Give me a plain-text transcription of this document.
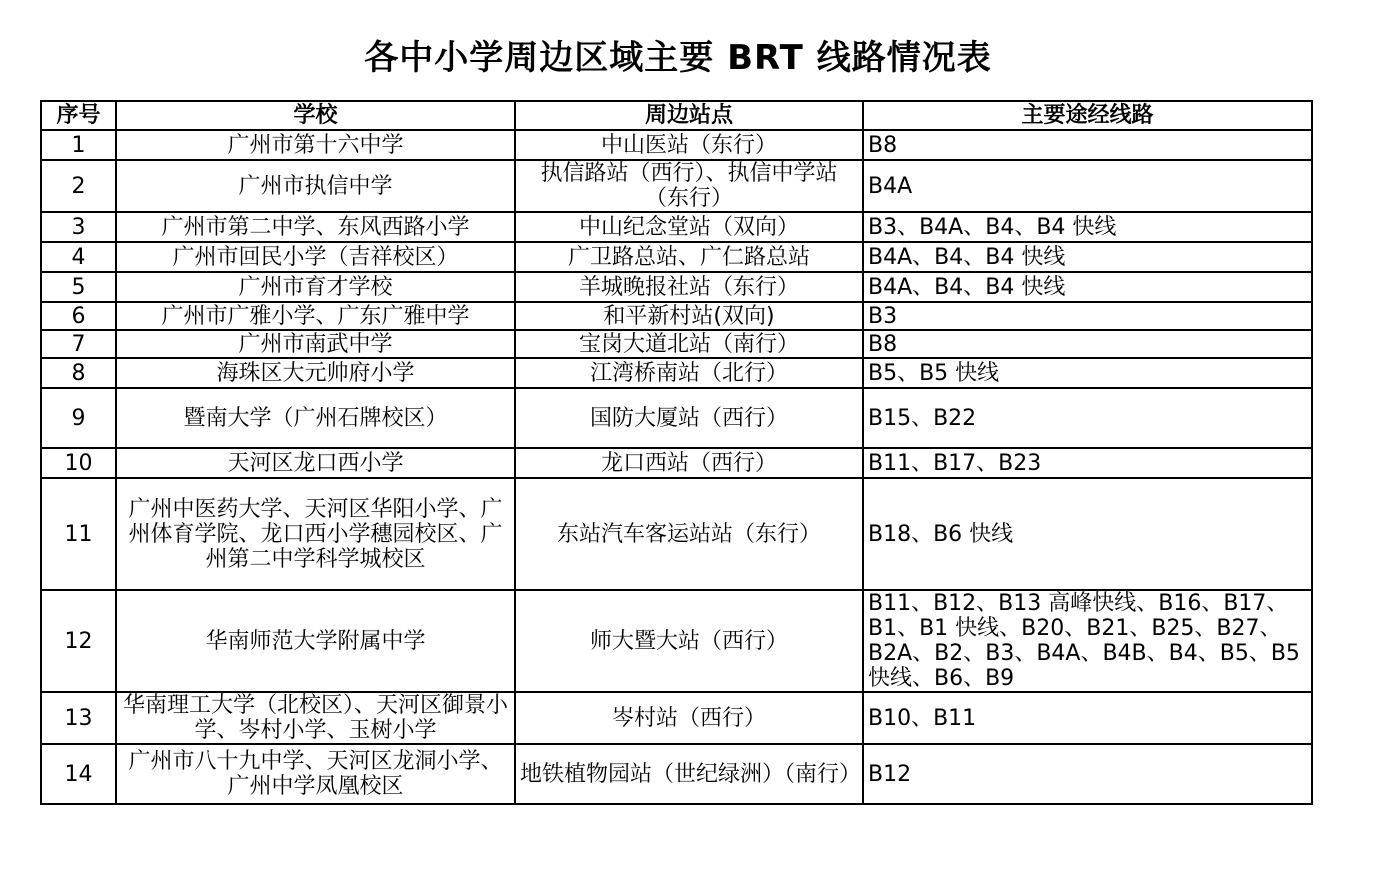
各中小学周边区域主要 BRT 线路情况表
序号	学校	周边站点	主要途经线路
1	广州市第十六中学	中山医站（东行）	B8
2	广州市执信中学	执信路站（西行）、执信中学站（东行）	B4A
3	广州市第二中学、东风西路小学	中山纪念堂站（双向）	B3、B4A、B4、B4 快线
4	广州市回民小学（吉祥校区）	广卫路总站、广仁路总站	B4A、B4、B4 快线
5	广州市育才学校	羊城晚报社站（东行）	B4A、B4、B4 快线
6	广州市广雅小学、广东广雅中学	和平新村站(双向)	B3
7	广州市南武中学	宝岗大道北站（南行）	B8
8	海珠区大元帅府小学	江湾桥南站（北行）	B5、B5 快线
9	暨南大学（广州石牌校区）	国防大厦站（西行）	B15、B22
10	天河区龙口西小学	龙口西站（西行）	B11、B17、B23
11	广州中医药大学、天河区华阳小学、广州体育学院、龙口西小学穗园校区、广州第二中学科学城校区	东站汽车客运站站（东行）	B18、B6 快线
12	华南师范大学附属中学	师大暨大站（西行）	B11、B12、B13 高峰快线、B16、B17、B1、B1 快线、B20、B21、B25、B27、B2A、B2、B3、B4A、B4B、B4、B5、B5 快线、B6、B9
13	华南理工大学（北校区）、天河区御景小学、岑村小学、玉树小学	岑村站（西行）	B10、B11
14	广州市八十九中学、天河区龙洞小学、广州中学凤凰校区	地铁植物园站（世纪绿洲）（南行）	B12
